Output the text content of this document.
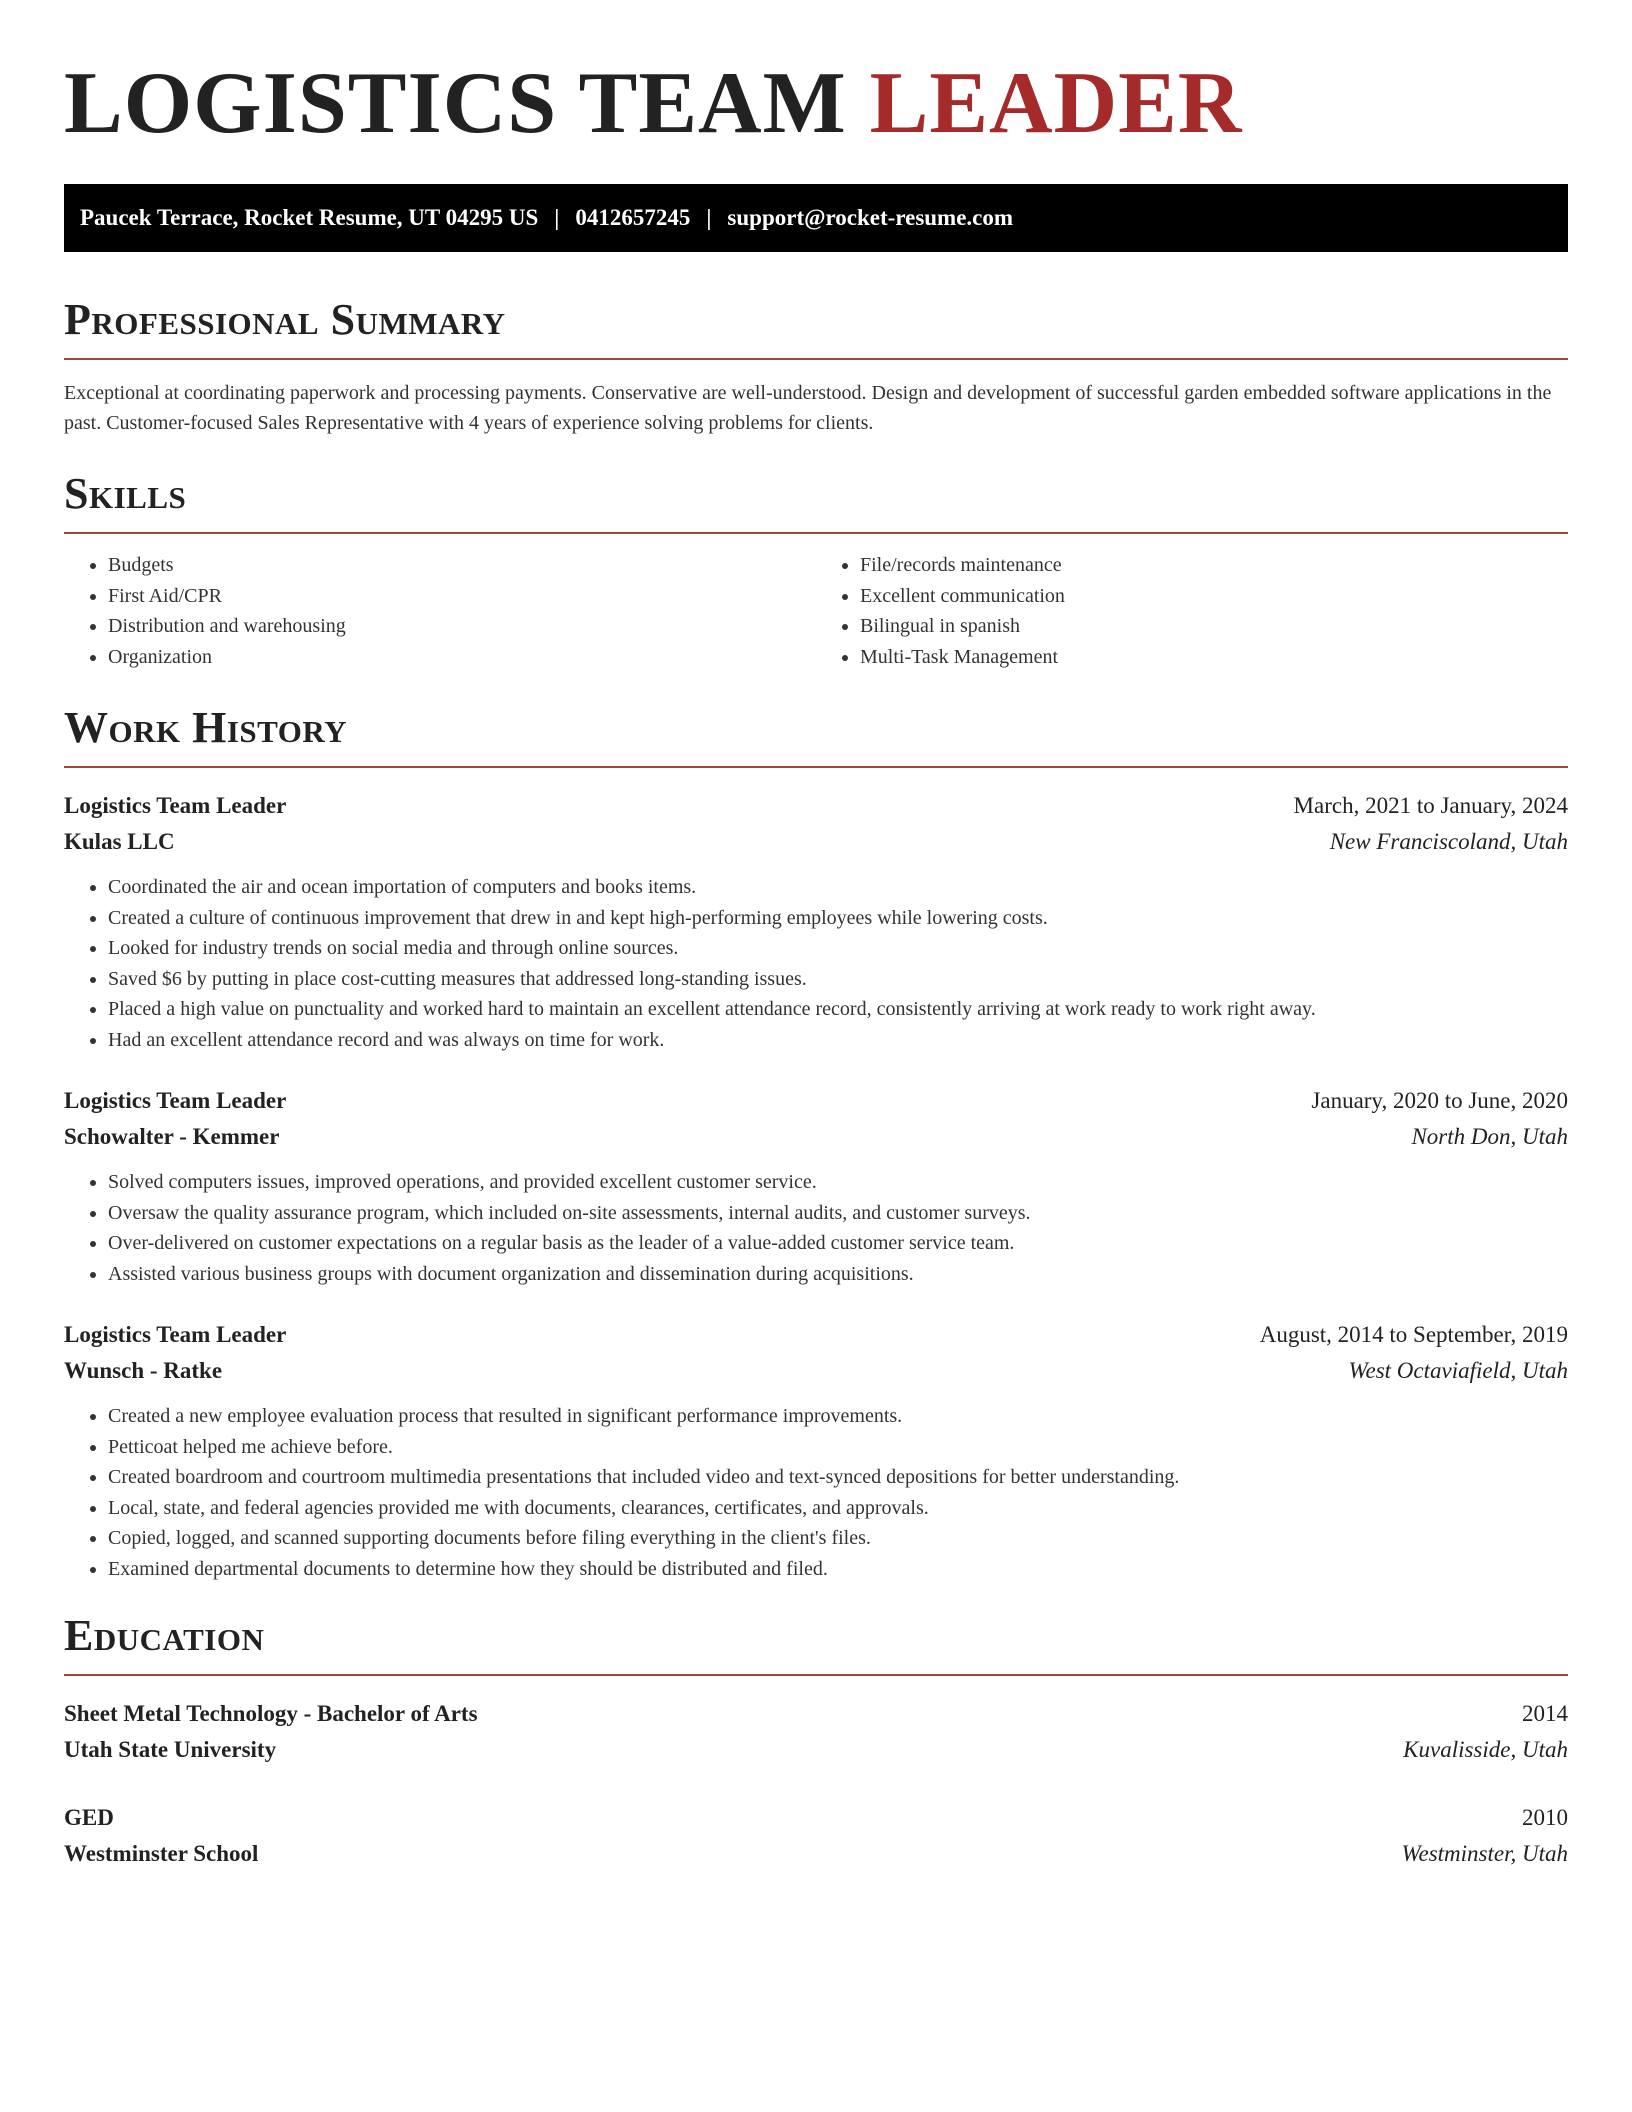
LOGISTICS TEAM LEADER
Paucek Terrace, Rocket Resume, UT 04295 US | 0412657245 | support@rocket-resume.com
Professional Summary

Exceptional at coordinating paperwork and processing payments. Conservative are well-understood. Design and development of successful garden embedded software applications in the past. Customer-focused Sales Representative with 4 years of experience solving problems for clients.

Skills
• Budgets
• First Aid/CPR
• Distribution and warehousing
• Organization
• File/records maintenance
• Excellent communication
• Bilingual in spanish
• Multi-Task Management
Work History
Logistics Team Leader	March, 2021 to January, 2024
Kulas LLC	New Franciscoland, Utah
• Coordinated the air and ocean importation of computers and books items.
• Created a culture of continuous improvement that drew in and kept high-performing employees while lowering costs.
• Looked for industry trends on social media and through online sources.
• Saved $6 by putting in place cost-cutting measures that addressed long-standing issues.
• Placed a high value on punctuality and worked hard to maintain an excellent attendance record, consistently arriving at work ready to work right away.
• Had an excellent attendance record and was always on time for work.
Logistics Team Leader	January, 2020 to June, 2020
Schowalter - Kemmer	North Don, Utah
• Solved computers issues, improved operations, and provided excellent customer service.
• Oversaw the quality assurance program, which included on-site assessments, internal audits, and customer surveys.
• Over-delivered on customer expectations on a regular basis as the leader of a value-added customer service team.
• Assisted various business groups with document organization and dissemination during acquisitions.
Logistics Team Leader	August, 2014 to September, 2019
Wunsch - Ratke	West Octaviafield, Utah
• Created a new employee evaluation process that resulted in significant performance improvements.
• Petticoat helped me achieve before.
• Created boardroom and courtroom multimedia presentations that included video and text-synced depositions for better understanding.
• Local, state, and federal agencies provided me with documents, clearances, certificates, and approvals.
• Copied, logged, and scanned supporting documents before filing everything in the client's files.
• Examined departmental documents to determine how they should be distributed and filed.
Education
Sheet Metal Technology - Bachelor of Arts	2014
Utah State University	Kuvalisside, Utah
GED	2010
Westminster School	Westminster, Utah
